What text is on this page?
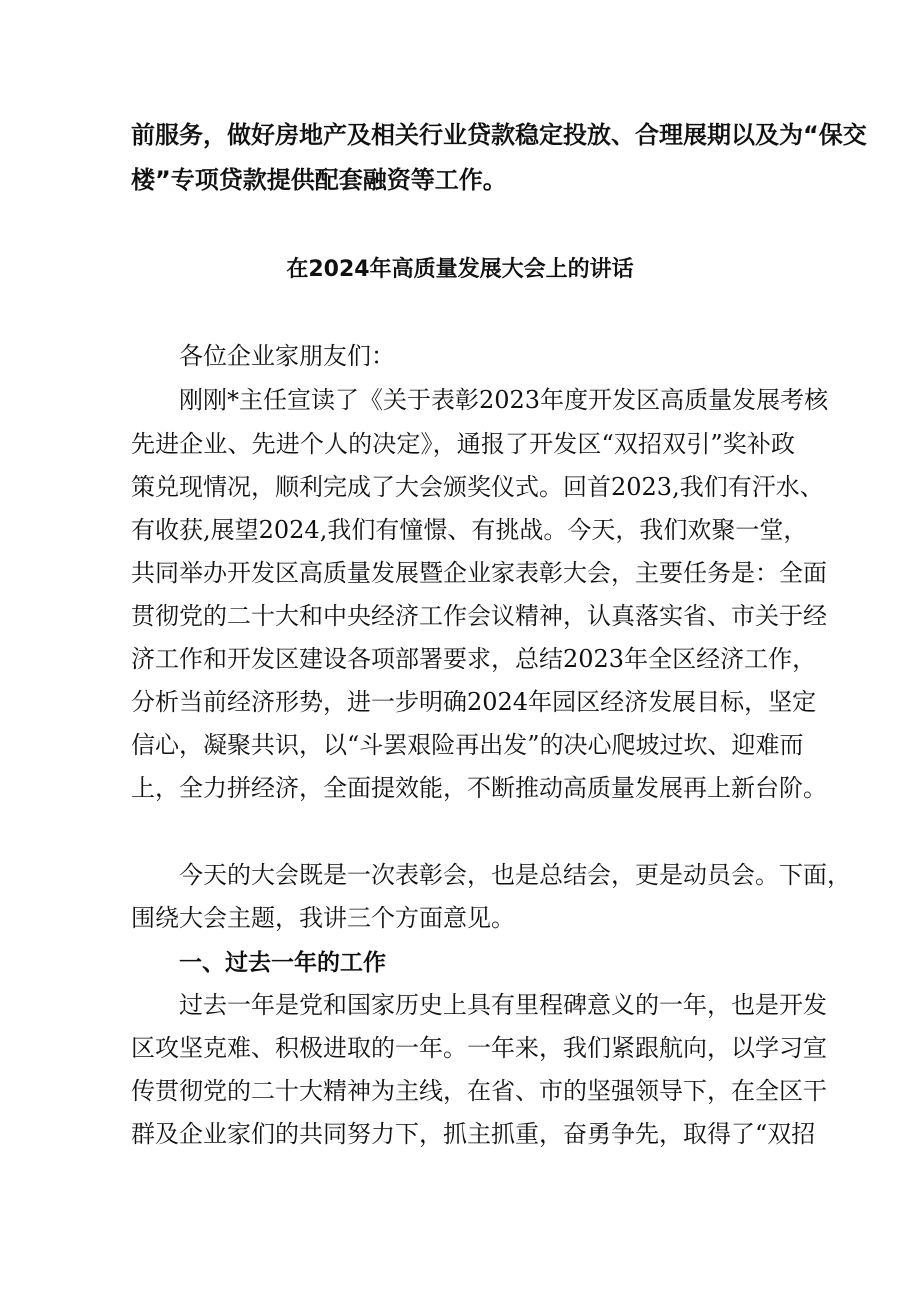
前服务，做好房地产及相关行业贷款稳定投放、合理展期以及为“保交
楼”专项贷款提供配套融资等工作。
在2024年高质量发展大会上的讲话
各位企业家朋友们：
刚刚*主任宣读了《关于表彰2023年度开发区高质量发展考核
先进企业、先进个人的决定》，通报了开发区“双招双引”奖补政
策兑现情况，顺利完成了大会颁奖仪式。回首2023,我们有汗水、
有收获,展望2024,我们有憧憬、有挑战。今天，我们欢聚一堂，
共同举办开发区高质量发展暨企业家表彰大会，主要任务是：全面
贯彻党的二十大和中央经济工作会议精神，认真落实省、市关于经
济工作和开发区建设各项部署要求，总结2023年全区经济工作，
分析当前经济形势，进一步明确2024年园区经济发展目标，坚定
信心，凝聚共识，以“斗罢艰险再出发”的决心爬坡过坎、迎难而
上，全力拼经济，全面提效能，不断推动高质量发展再上新台阶。
今天的大会既是一次表彰会，也是总结会，更是动员会。下面，
围绕大会主题，我讲三个方面意见。
一、过去一年的工作
过去一年是党和国家历史上具有里程碑意义的一年，也是开发
区攻坚克难、积极进取的一年。一年来，我们紧跟航向，以学习宣
传贯彻党的二十大精神为主线，在省、市的坚强领导下，在全区干
群及企业家们的共同努力下，抓主抓重，奋勇争先，取得了“双招
